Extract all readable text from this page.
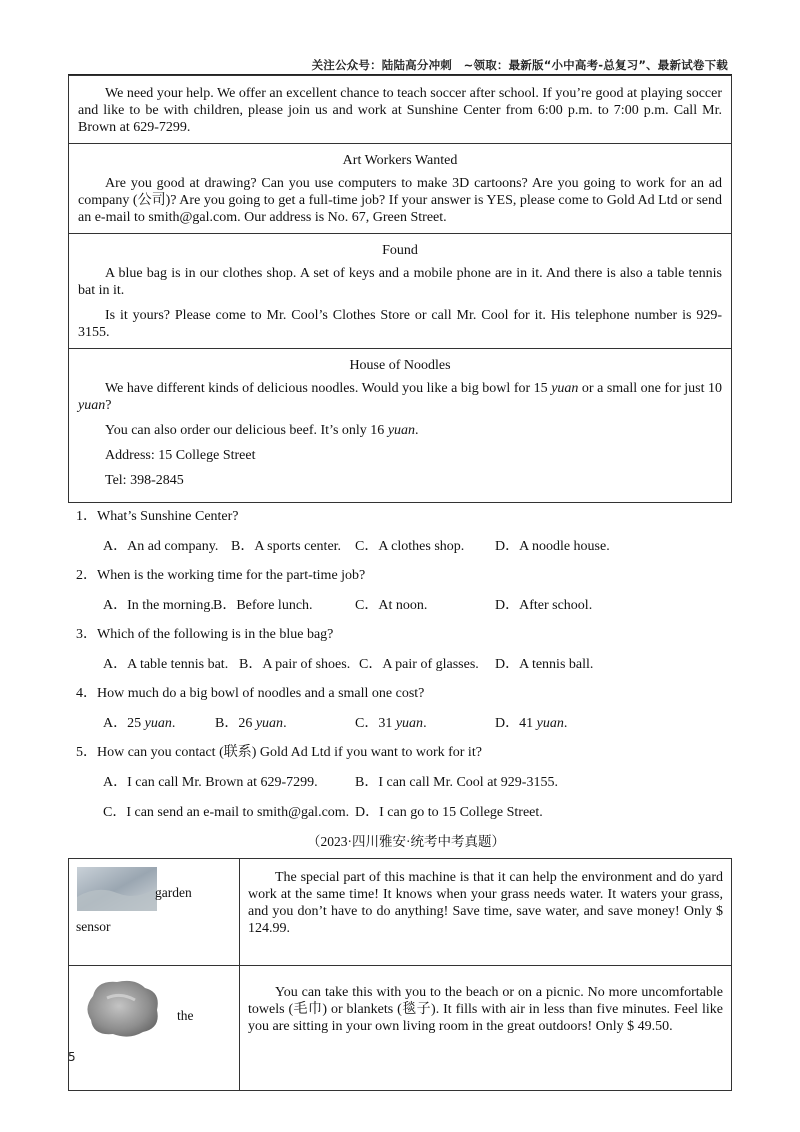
关注公众号：陆陆高分冲刺　~领取：最新版“小中高考-总复习”、最新试卷下载

We need your help. We offer an excellent chance to teach soccer after school. If you’re good at playing soccer and like to be with children, please join us and work at Sunshine Center from 6:00 p.m. to 7:00 p.m. Call Mr. Brown at 629-7299.

Art Workers Wanted

Are you good at drawing? Can you use computers to make 3D cartoons? Are you going to work for an ad company (公司)? Are you going to get a full-time job? If your answer is YES, please come to Gold Ad Ltd or send an e-mail to smith@gal.com. Our address is No. 67, Green Street.

Found

A blue bag is in our clothes shop. A set of keys and a mobile phone are in it. And there is also a table tennis bat in it.

Is it yours? Please come to Mr. Cool’s Clothes Store or call Mr. Cool for it. His telephone number is 929-3155.

House of Noodles

We have different kinds of delicious noodles. Would you like a big bowl for 15 yuan or a small one for just 10 yuan?

You can also order our delicious beef. It’s only 16 yuan.

Address: 15 College Street

Tel: 398-2845

1．What’s Sunshine Center?

A．An ad company. B．A sports center. C．A clothes shop. D．A noodle house.

2．When is the working time for the part-time job?

A．In the morning. B．Before lunch.	C．At noon.	D．After school.

3．Which of the following is in the blue bag?

A．A table tennis bat. B．A pair of shoes. C．A pair of glasses. D．A tennis ball.

4．How much do a big bowl of noodles and a small one cost?

A．25 yuan.	B．26 yuan.	C．31 yuan.	D．41 yuan.

5．How can you contact (联系) Gold Ad Ltd if you want to work for it?

A．I can call Mr. Brown at 629-7299.	B．I can call Mr. Cool at 929-3155.
C．I can send an e-mail to smith@gal.com. D．I can go to 15 College Street.

（2023·四川雅安·统考中考真题）

garden
sensor	The special part of this machine is that it can help the environment and do yard work at the same time! It knows when your grass needs water. It waters your grass, and you don’t have to do anything! Save time, save water, and save money! Only $ 124.99.

the	You can take this with you to the beach or on a picnic. No more uncomfortable towels (毛巾) or blankets (毯子). It fills with air in less than five minutes. Feel like you are sitting in your own living room in the great outdoors! Only $ 49.50.

5
